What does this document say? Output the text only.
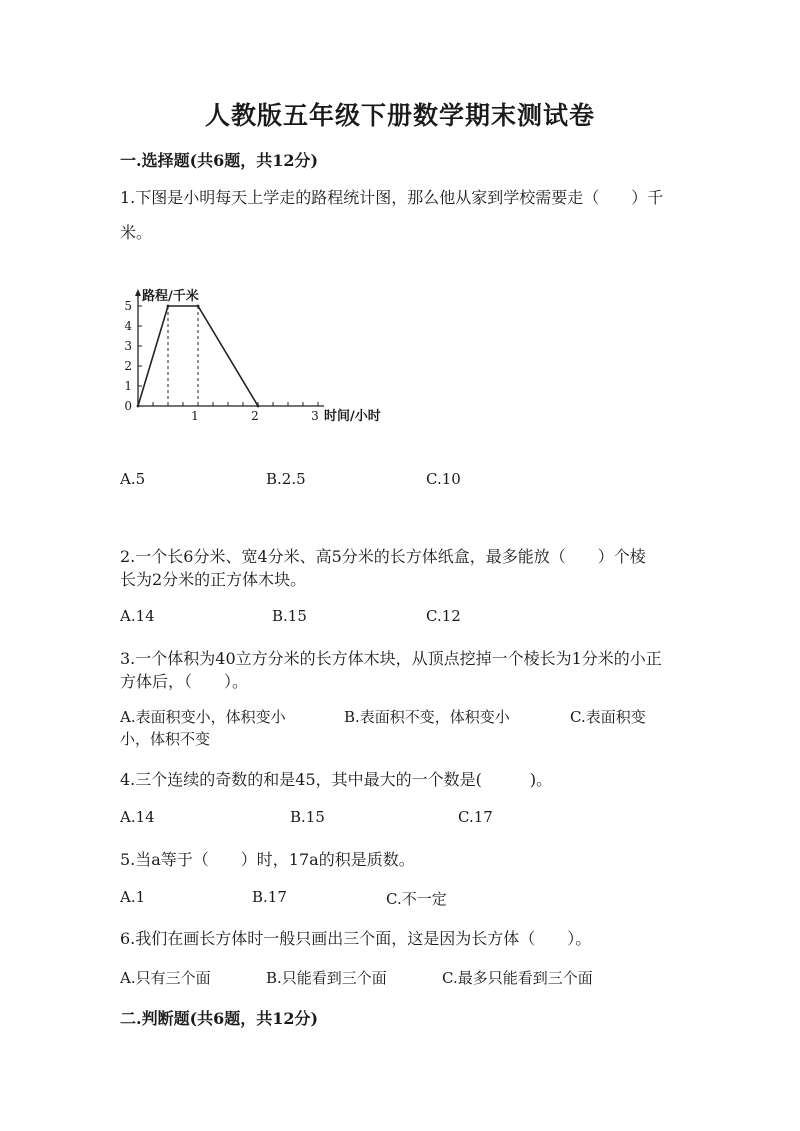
人教版五年级下册数学期末测试卷
一.选择题(共6题，共12分)
1.下图是小明每天上学走的路程统计图，那么他从家到学校需要走（　　）千
米。
1
2
3
4
5
1	2	3
0
路程/千米
时间/小时
A.5	B.2.5	C.10
2.一个长6分米、宽4分米、高5分米的长方体纸盒，最多能放（　　）个棱
长为2分米的正方体木块。
A.14	B.15	C.12
3.一个体积为40立方分米的长方体木块，从顶点挖掉一个棱长为1分米的小正
方体后，（　　）。
A.表面积变小，体积变小	B.表面积不变，体积变小	C.表面积变
小，体积不变
4.三个连续的奇数的和是45，其中最大的一个数是(　　　)。
A.14	B.15	C.17
5.当a等于（　　）时，17a的积是质数。
A.1	B.17	C.不一定
6.我们在画长方体时一般只画出三个面，这是因为长方体（　　）。
A.只有三个面	B.只能看到三个面	C.最多只能看到三个面
二.判断题(共6题，共12分)
